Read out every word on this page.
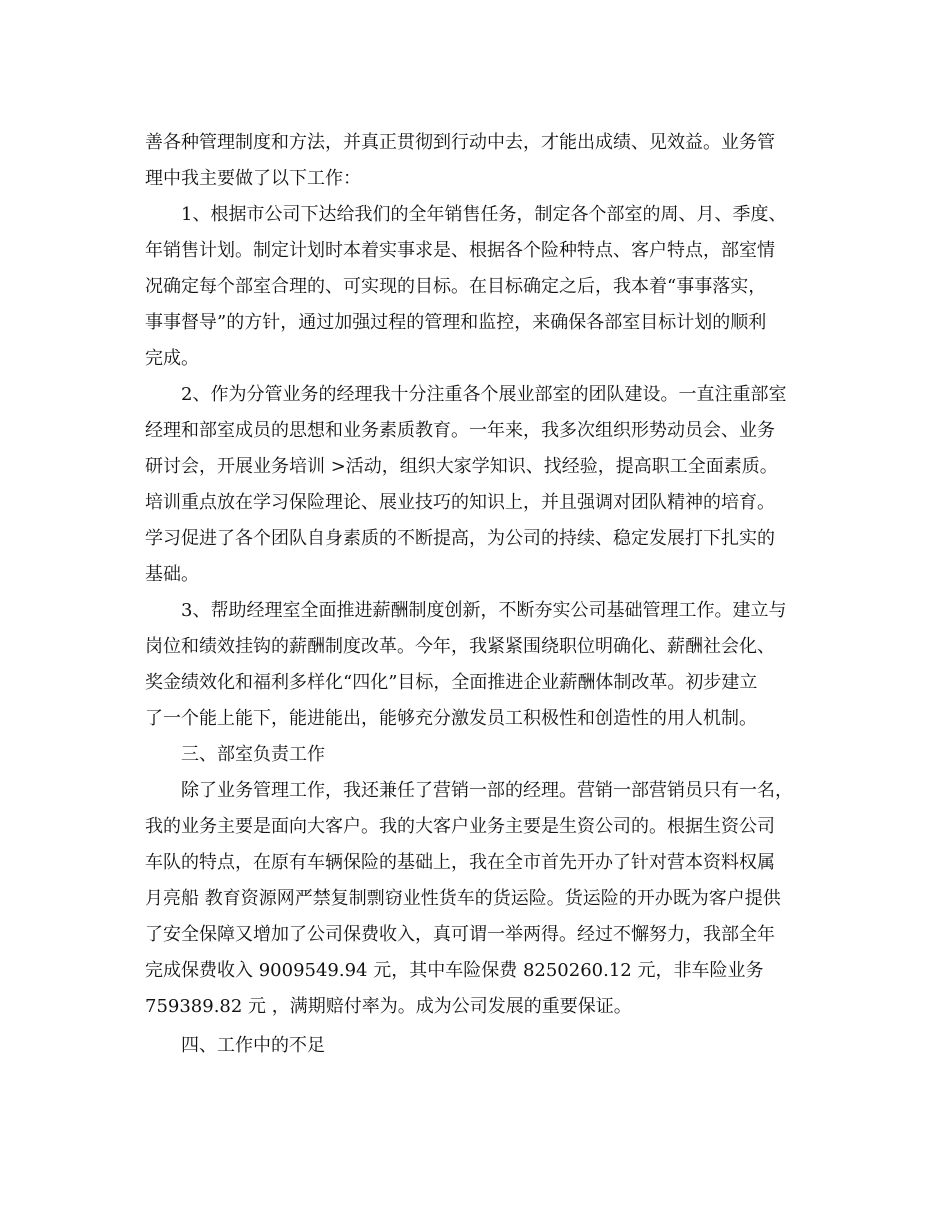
善各种管理制度和方法，并真正贯彻到行动中去，才能出成绩、见效益。业务管
理中我主要做了以下工作：
1、根据市公司下达给我们的全年销售任务，制定各个部室的周、月、季度、
年销售计划。制定计划时本着实事求是、根据各个险种特点、客户特点，部室情
况确定每个部室合理的、可实现的目标。在目标确定之后，我本着“事事落实，
事事督导”的方针，通过加强过程的管理和监控，来确保各部室目标计划的顺利
完成。
2、作为分管业务的经理我十分注重各个展业部室的团队建设。一直注重部室
经理和部室成员的思想和业务素质教育。一年来，我多次组织形势动员会、业务
研讨会，开展业务培训 >活动，组织大家学知识、找经验，提高职工全面素质。
培训重点放在学习保险理论、展业技巧的知识上，并且强调对团队精神的培育。
学习促进了各个团队自身素质的不断提高，为公司的持续、稳定发展打下扎实的
基础。
3、帮助经理室全面推进薪酬制度创新，不断夯实公司基础管理工作。建立与
岗位和绩效挂钩的薪酬制度改革。今年，我紧紧围绕职位明确化、薪酬社会化、
奖金绩效化和福利多样化“四化”目标，全面推进企业薪酬体制改革。初步建立
了一个能上能下，能进能出，能够充分激发员工积极性和创造性的用人机制。
三、部室负责工作
除了业务管理工作，我还兼任了营销一部的经理。营销一部营销员只有一名，
我的业务主要是面向大客户。我的大客户业务主要是生资公司的。根据生资公司
车队的特点，在原有车辆保险的基础上，我在全市首先开办了针对营本资料权属
月亮船 教育资源网严禁复制剽窃业性货车的货运险。货运险的开办既为客户提供
了安全保障又增加了公司保费收入，真可谓一举两得。经过不懈努力，我部全年
完成保费收入 9009549.94 元，其中车险保费 8250260.12 元，非车险业务
759389.82 元 ，满期赔付率为。成为公司发展的重要保证。
四、工作中的不足
